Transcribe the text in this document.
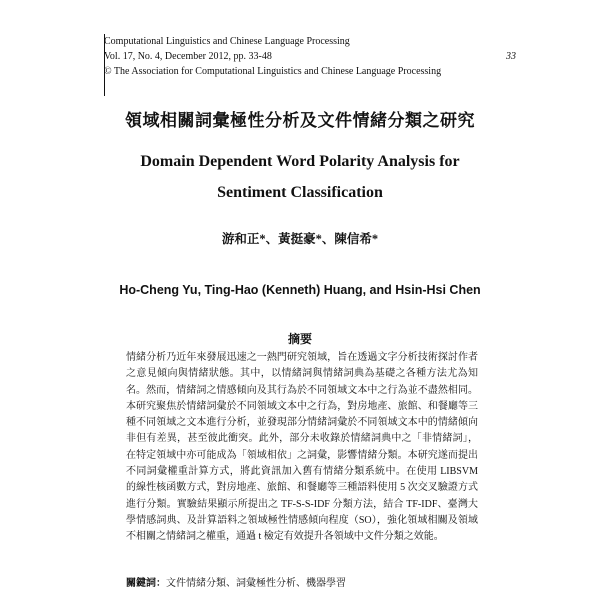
Computational Linguistics and Chinese Language Processing
Vol. 17, No. 4, December 2012, pp. 33-48	33
© The Association for Computational Linguistics and Chinese Language Processing
領域相關詞彙極性分析及文件情緒分類之研究
Domain Dependent Word Polarity Analysis for
Sentiment Classification
游和正*、黃挺豪*、陳信希*
Ho-Cheng Yu, Ting-Hao (Kenneth) Huang, and Hsin-Hsi Chen
摘要
情緒分析乃近年來發展迅速之一熱門研究領域，旨在透過文字分析技術探討作者之意見傾向與情緒狀態。其中，以情緒詞與情緒詞典為基礎之各種方法尤為知名。然而，情緒詞之情感傾向及其行為於不同領域文本中之行為並不盡然相同。本研究聚焦於情緒詞彙於不同領域文本中之行為，對房地產、旅館、和餐廳等三種不同領域之文本進行分析，並發現部分情緒詞彙於不同領域文本中的情緒傾向非但有差異，甚至彼此衝突。此外，部分未收錄於情緒詞典中之「非情緒詞」，在特定領域中亦可能成為「領域相依」之詞彙，影響情緒分類。本研究遂而提出不同詞彙權重計算方式，將此資訊加入舊有情緒分類系統中。在使用 LIBSVM 的線性核函數方式，對房地產、旅館、和餐廳等三種語料使用 5 次交叉驗證方式進行分類。實驗結果顯示所提出之 TF-S-S-IDF 分類方法，結合 TF-IDF、臺灣大學情感詞典、及計算語料之領域極性情感傾向程度（SO），強化領域相關及領域不相關之情緒詞之權重，通過 t 檢定有效提升各領域中文件分類之效能。
關鍵詞：文件情緒分類、詞彙極性分析、機器學習
